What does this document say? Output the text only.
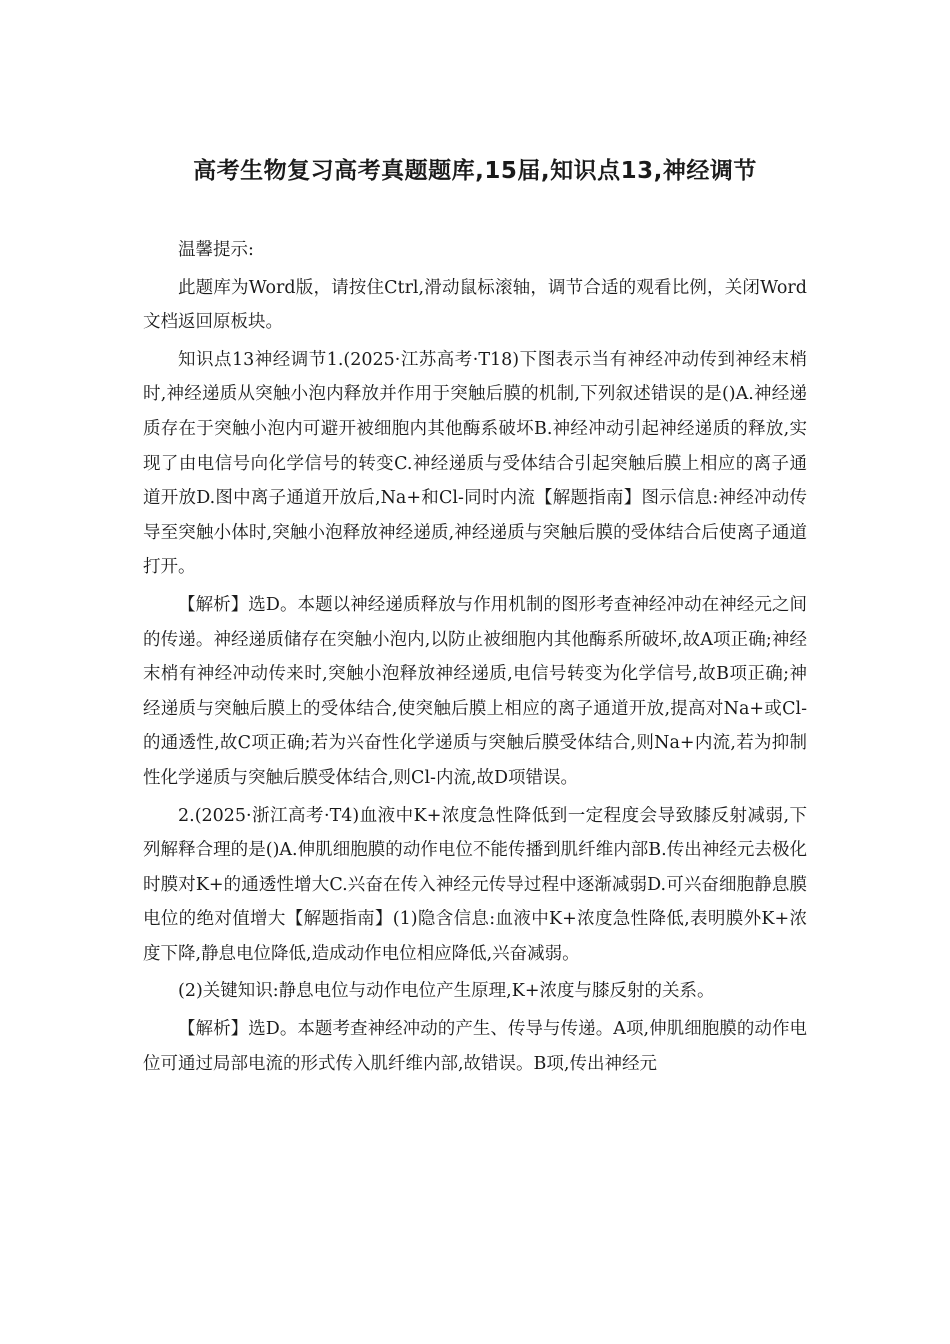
高考生物复习高考真题题库,15届,知识点13,神经调节

温馨提示:

此题库为Word版，请按住Ctrl,滑动鼠标滚轴，调节合适的观看比例，关闭Word文档返回原板块。

知识点13神经调节1.(2025·江苏高考·T18)下图表示当有神经冲动传到神经末梢时,神经递质从突触小泡内释放并作用于突触后膜的机制,下列叙述错误的是()A.神经递质存在于突触小泡内可避开被细胞内其他酶系破坏B.神经冲动引起神经递质的释放,实现了由电信号向化学信号的转变C.神经递质与受体结合引起突触后膜上相应的离子通道开放D.图中离子通道开放后,Na+和Cl-同时内流【解题指南】图示信息:神经冲动传导至突触小体时,突触小泡释放神经递质,神经递质与突触后膜的受体结合后使离子通道打开。

【解析】选D。本题以神经递质释放与作用机制的图形考查神经冲动在神经元之间的传递。神经递质储存在突触小泡内,以防止被细胞内其他酶系所破坏,故A项正确;神经末梢有神经冲动传来时,突触小泡释放神经递质,电信号转变为化学信号,故B项正确;神经递质与突触后膜上的受体结合,使突触后膜上相应的离子通道开放,提高对Na+或Cl-的通透性,故C项正确;若为兴奋性化学递质与突触后膜受体结合,则Na+内流,若为抑制性化学递质与突触后膜受体结合,则Cl-内流,故D项错误。

2.(2025·浙江高考·T4)血液中K+浓度急性降低到一定程度会导致膝反射减弱,下列解释合理的是()A.伸肌细胞膜的动作电位不能传播到肌纤维内部B.传出神经元去极化时膜对K+的通透性增大C.兴奋在传入神经元传导过程中逐渐减弱D.可兴奋细胞静息膜电位的绝对值增大【解题指南】(1)隐含信息:血液中K+浓度急性降低,表明膜外K+浓度下降,静息电位降低,造成动作电位相应降低,兴奋减弱。

(2)关键知识:静息电位与动作电位产生原理,K+浓度与膝反射的关系。

【解析】选D。本题考查神经冲动的产生、传导与传递。A项,伸肌细胞膜的动作电位可通过局部电流的形式传入肌纤维内部,故错误。B项,传出神经元
